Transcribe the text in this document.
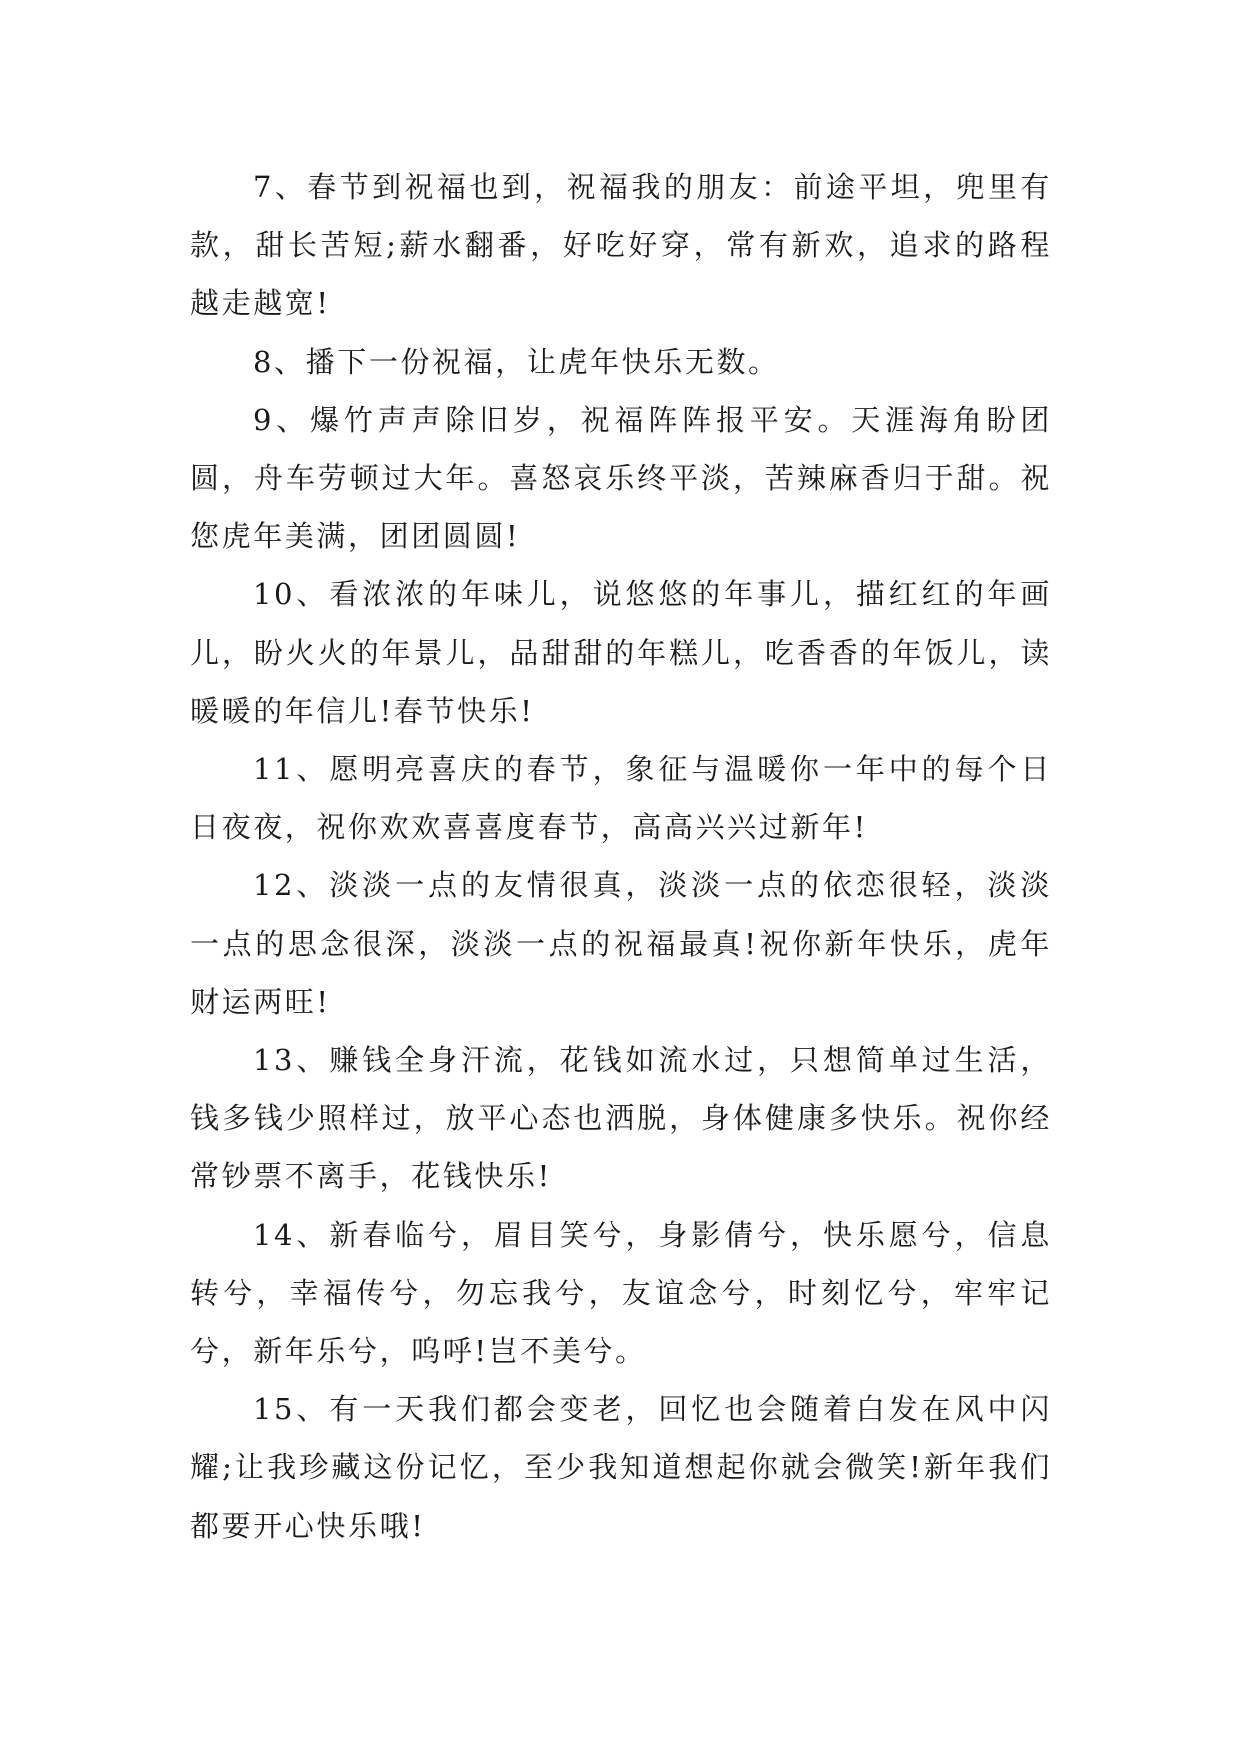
7、春节到祝福也到，祝福我的朋友：前途平坦，兜里有款，甜长苦短;薪水翻番，好吃好穿，常有新欢，追求的路程越走越宽!

8、播下一份祝福，让虎年快乐无数。

9、爆竹声声除旧岁，祝福阵阵报平安。天涯海角盼团圆，舟车劳顿过大年。喜怒哀乐终平淡，苦辣麻香归于甜。祝您虎年美满，团团圆圆!

10、看浓浓的年味儿，说悠悠的年事儿，描红红的年画儿，盼火火的年景儿，品甜甜的年糕儿，吃香香的年饭儿，读暖暖的年信儿!春节快乐!

11、愿明亮喜庆的春节，象征与温暖你一年中的每个日日夜夜，祝你欢欢喜喜度春节，高高兴兴过新年!

12、淡淡一点的友情很真，淡淡一点的依恋很轻，淡淡一点的思念很深，淡淡一点的祝福最真!祝你新年快乐，虎年财运两旺!

13、赚钱全身汗流，花钱如流水过，只想简单过生活，钱多钱少照样过，放平心态也洒脱，身体健康多快乐。祝你经常钞票不离手，花钱快乐!

14、新春临兮，眉目笑兮，身影倩兮，快乐愿兮，信息转兮，幸福传兮，勿忘我兮，友谊念兮，时刻忆兮，牢牢记兮，新年乐兮，呜呼!岂不美兮。

15、有一天我们都会变老，回忆也会随着白发在风中闪耀;让我珍藏这份记忆，至少我知道想起你就会微笑!新年我们都要开心快乐哦!
